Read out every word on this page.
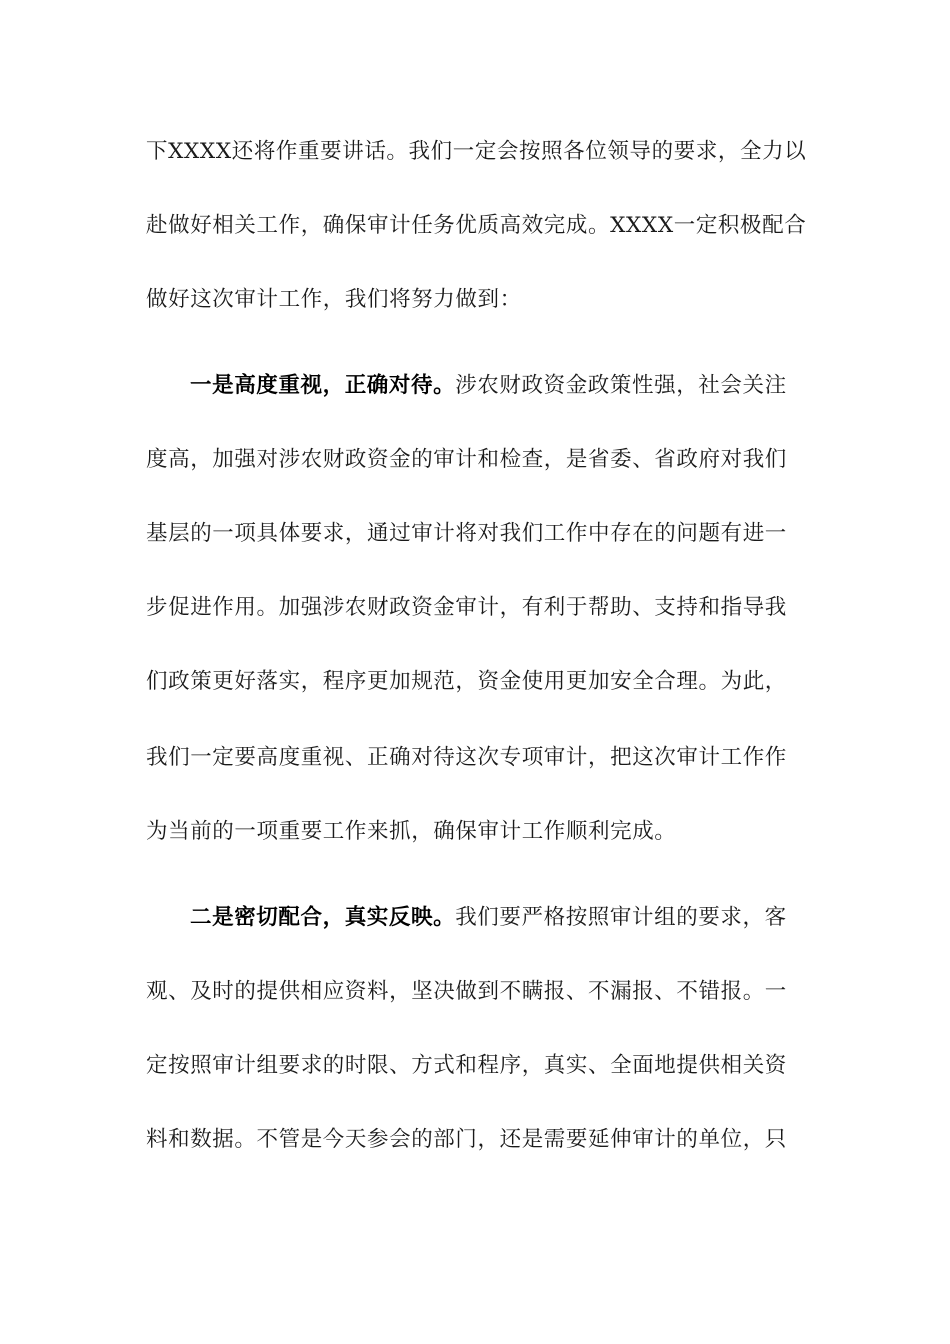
下XXXX还将作重要讲话。我们一定会按照各位领导的要求，全力以
赴做好相关工作，确保审计任务优质高效完成。XXXX一定积极配合
做好这次审计工作，我们将努力做到：
一是高度重视，正确对待。涉农财政资金政策性强，社会关注
度高，加强对涉农财政资金的审计和检查，是省委、省政府对我们
基层的一项具体要求，通过审计将对我们工作中存在的问题有进一
步促进作用。加强涉农财政资金审计，有利于帮助、支持和指导我
们政策更好落实，程序更加规范，资金使用更加安全合理。为此，
我们一定要高度重视、正确对待这次专项审计，把这次审计工作作
为当前的一项重要工作来抓，确保审计工作顺利完成。
二是密切配合，真实反映。我们要严格按照审计组的要求，客
观、及时的提供相应资料，坚决做到不瞒报、不漏报、不错报。一
定按照审计组要求的时限、方式和程序，真实、全面地提供相关资
料和数据。不管是今天参会的部门，还是需要延伸审计的单位，只
